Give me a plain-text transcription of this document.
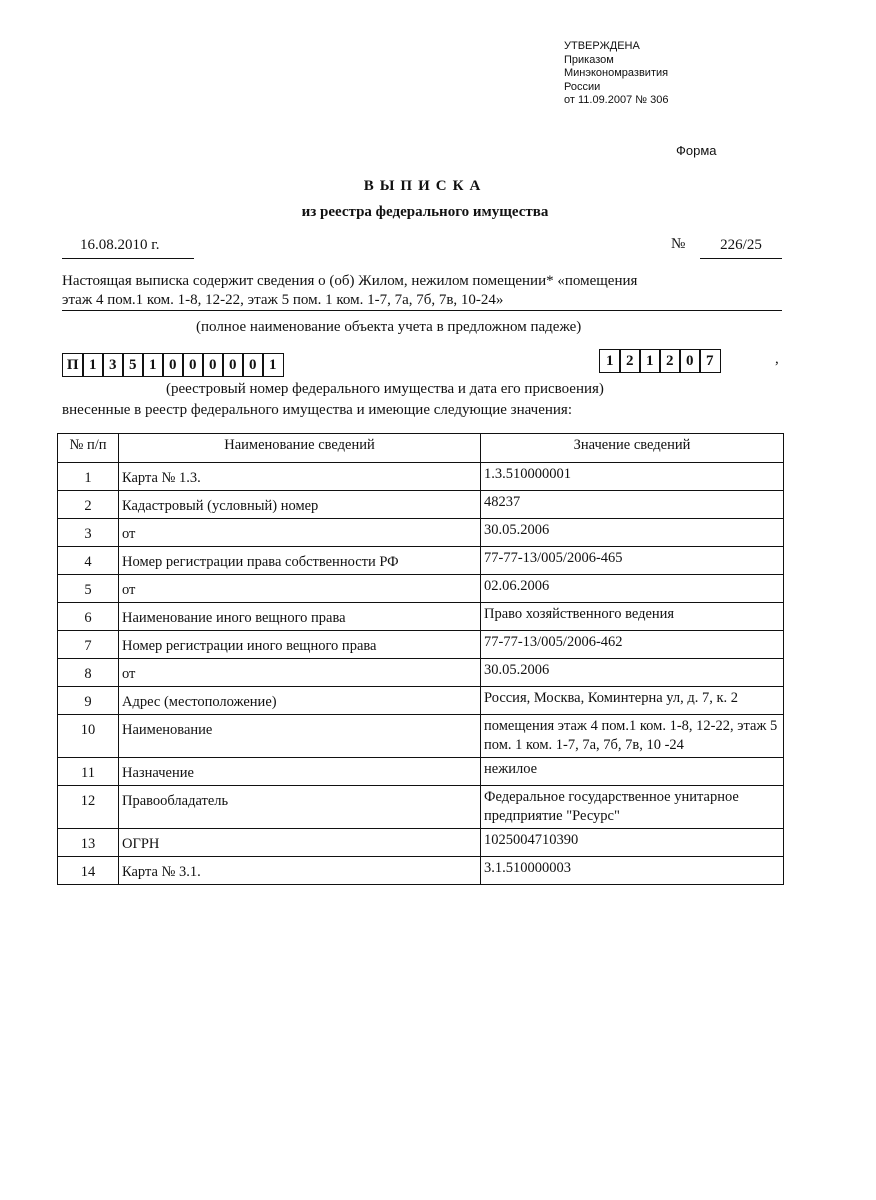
УТВЕРЖДЕНА
Приказом
Минэкономразвития
России
от 11.09.2007 № 306
Форма
ВЫПИСКА
из реестра федерального имущества
16.08.2010 г.	№	226/25
Настоящая выписка содержит сведения о (об) Жилом, нежилом помещении* «помещения
этаж 4 пом.1 ком. 1-8, 12-22, этаж 5 пом. 1 ком. 1-7, 7а, 7б, 7в, 10-24»
(полное наименование объекта учета в предложном падеже)
П 1 3 5 1 0 0 0 0 0 1	1 2 1 2 0 7	,
(реестровый номер федерального имущества и дата его присвоения)
внесенные в реестр федерального имущества и имеющие следующие значения:
№ п/п	Наименование сведений	Значение сведений
1	Карта № 1.3.	1.3.510000001
2	Кадастровый (условный) номер	48237
3	от	30.05.2006
4	Номер регистрации права собственности РФ	77-77-13/005/2006-465
5	от	02.06.2006
6	Наименование иного вещного права	Право хозяйственного ведения
7	Номер регистрации иного вещного права	77-77-13/005/2006-462
8	от	30.05.2006
9	Адрес (местоположение)	Россия, Москва, Коминтерна ул, д. 7, к. 2
10	Наименование	помещения этаж 4 пом.1 ком. 1-8, 12-22, этаж 5 пом. 1 ком. 1-7, 7а, 7б, 7в, 10 -24
11	Назначение	нежилое
12	Правообладатель	Федеральное государственное унитарное предприятие "Ресурс"
13	ОГРН	1025004710390
14	Карта № 3.1.	3.1.510000003
